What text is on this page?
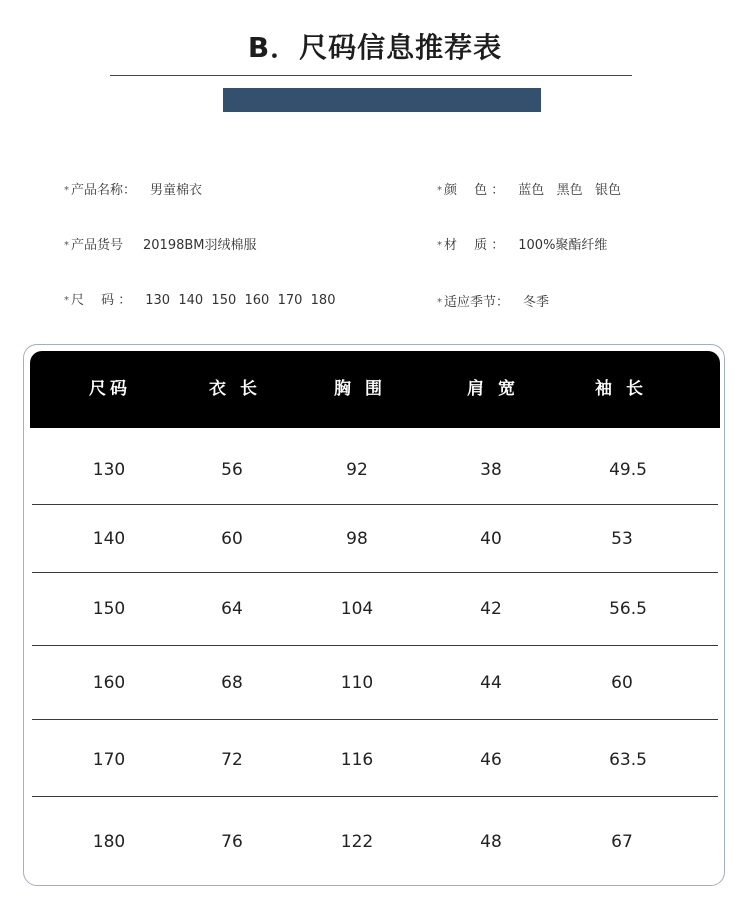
B．尺码信息推荐表
* 产品名称： 男童棉衣
* 产品货号 20198BM羽绒棉服
* 尺　 码 ： 130  140  150  160  170  180
* 颜　 色 ： 蓝色   黑色   银色
* 材　 质 ： 100%聚酯纤维
* 适应季节： 冬季
尺码	衣 长	胸 围	肩 宽	袖 长
130	56	92	38	49.5
140	60	98	40	53
150	64	104	42	56.5
160	68	110	44	60
170	72	116	46	63.5
180	76	122	48	67
